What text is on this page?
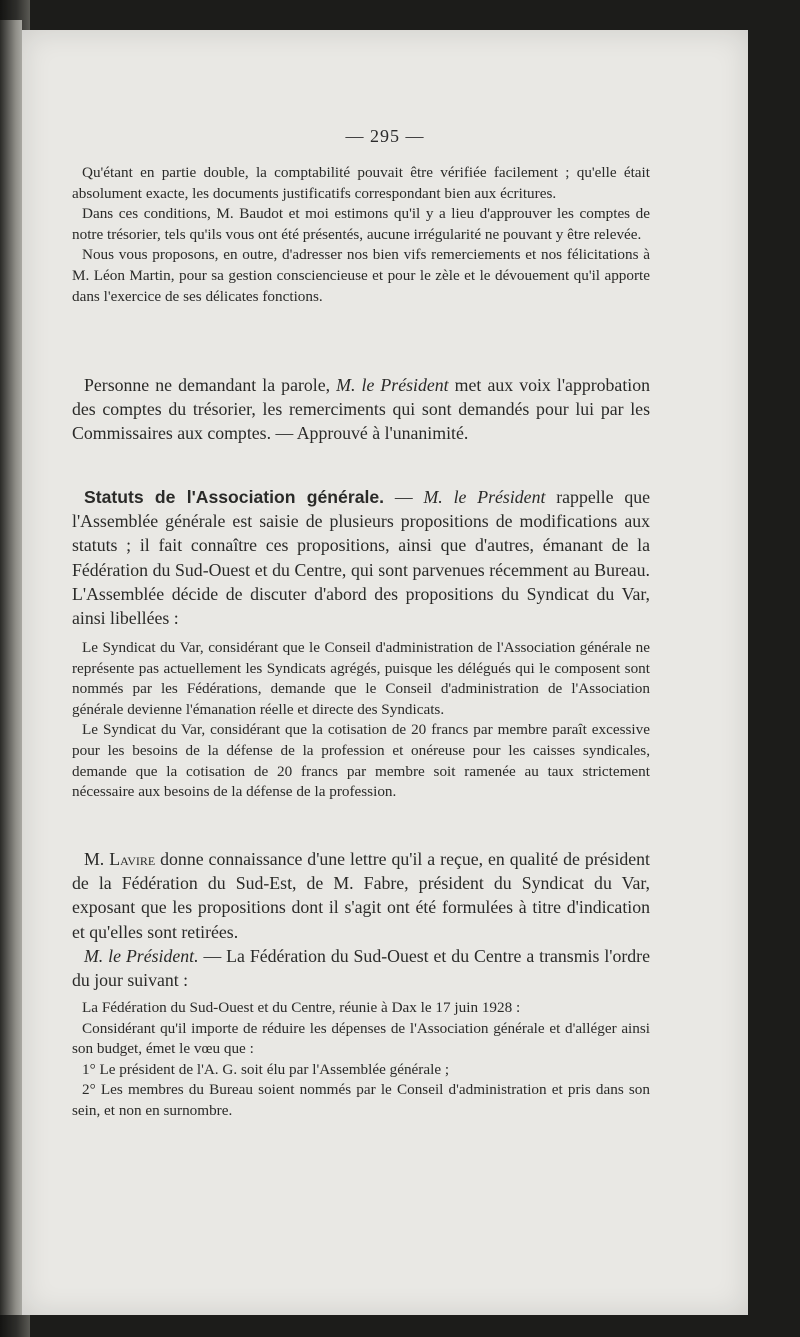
— 295 —

Qu'étant en partie double, la comptabilité pouvait être vérifiée facilement ; qu'elle était absolument exacte, les documents justificatifs correspondant bien aux écritures.

Dans ces conditions, M. Baudot et moi estimons qu'il y a lieu d'approuver les comptes de notre trésorier, tels qu'ils vous ont été présentés, aucune irrégularité ne pouvant y être relevée.

Nous vous proposons, en outre, d'adresser nos bien vifs remerciements et nos félicitations à M. Léon Martin, pour sa gestion consciencieuse et pour le zèle et le dévouement qu'il apporte dans l'exercice de ses délicates fonctions.

Personne ne demandant la parole, M. le Président met aux voix l'approbation des comptes du trésorier, les remerciments qui sont demandés pour lui par les Commissaires aux comptes. — Approuvé à l'unanimité.

Statuts de l'Association générale. — M. le Président rappelle que l'Assemblée générale est saisie de plusieurs propositions de modifications aux statuts ; il fait connaître ces propositions, ainsi que d'autres, émanant de la Fédération du Sud-Ouest et du Centre, qui sont parvenues récemment au Bureau. L'Assemblée décide de discuter d'abord des propositions du Syndicat du Var, ainsi libellées :

Le Syndicat du Var, considérant que le Conseil d'administration de l'Association générale ne représente pas actuellement les Syndicats agrégés, puisque les délégués qui le composent sont nommés par les Fédérations, demande que le Conseil d'administration de l'Association générale devienne l'émanation réelle et directe des Syndicats.

Le Syndicat du Var, considérant que la cotisation de 20 francs par membre paraît excessive pour les besoins de la défense de la profession et onéreuse pour les caisses syndicales, demande que la cotisation de 20 francs par membre soit ramenée au taux strictement nécessaire aux besoins de la défense de la profession.

M. Lavire donne connaissance d'une lettre qu'il a reçue, en qualité de président de la Fédération du Sud-Est, de M. Fabre, président du Syndicat du Var, exposant que les propositions dont il s'agit ont été formulées à titre d'indication et qu'elles sont retirées.

M. le Président. — La Fédération du Sud-Ouest et du Centre a transmis l'ordre du jour suivant :

La Fédération du Sud-Ouest et du Centre, réunie à Dax le 17 juin 1928 :

Considérant qu'il importe de réduire les dépenses de l'Association générale et d'alléger ainsi son budget, émet le vœu que :

1° Le président de l'A. G. soit élu par l'Assemblée générale ;

2° Les membres du Bureau soient nommés par le Conseil d'administration et pris dans son sein, et non en surnombre.
